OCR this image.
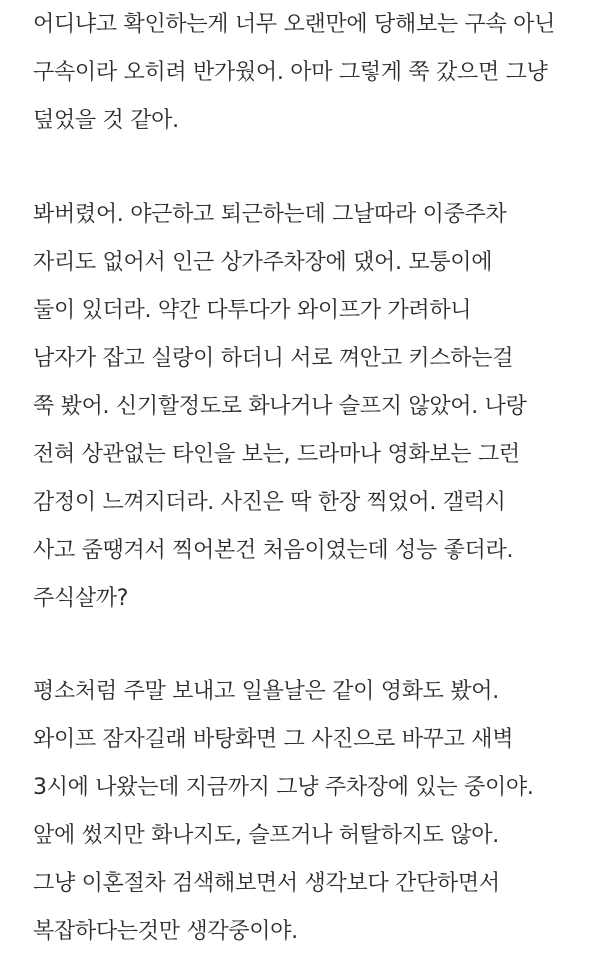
어디냐고 확인하는게 너무 오랜만에 당해보는 구속 아닌
구속이라 오히려 반가웠어. 아마 그렇게 쭉 갔으면 그냥
덮었을 것 같아.
봐버렸어. 야근하고 퇴근하는데 그날따라 이중주차
자리도 없어서 인근 상가주차장에 댔어. 모퉁이에
둘이 있더라. 약간 다투다가 와이프가 가려하니
남자가 잡고 실랑이 하더니 서로 껴안고 키스하는걸
쭉 봤어. 신기할정도로 화나거나 슬프지 않았어. 나랑
전혀 상관없는 타인을 보는, 드라마나 영화보는 그런
감정이 느껴지더라. 사진은 딱 한장 찍었어. 갤럭시
사고 줌땡겨서 찍어본건 처음이였는데 성능 좋더라.
주식살까?
평소처럼 주말 보내고 일욜날은 같이 영화도 봤어.
와이프 잠자길래 바탕화면 그 사진으로 바꾸고 새벽
3시에 나왔는데 지금까지 그냥 주차장에 있는 중이야.
앞에 썼지만 화나지도, 슬프거나 허탈하지도 않아.
그냥 이혼절차 검색해보면서 생각보다 간단하면서
복잡하다는것만 생각중이야.
